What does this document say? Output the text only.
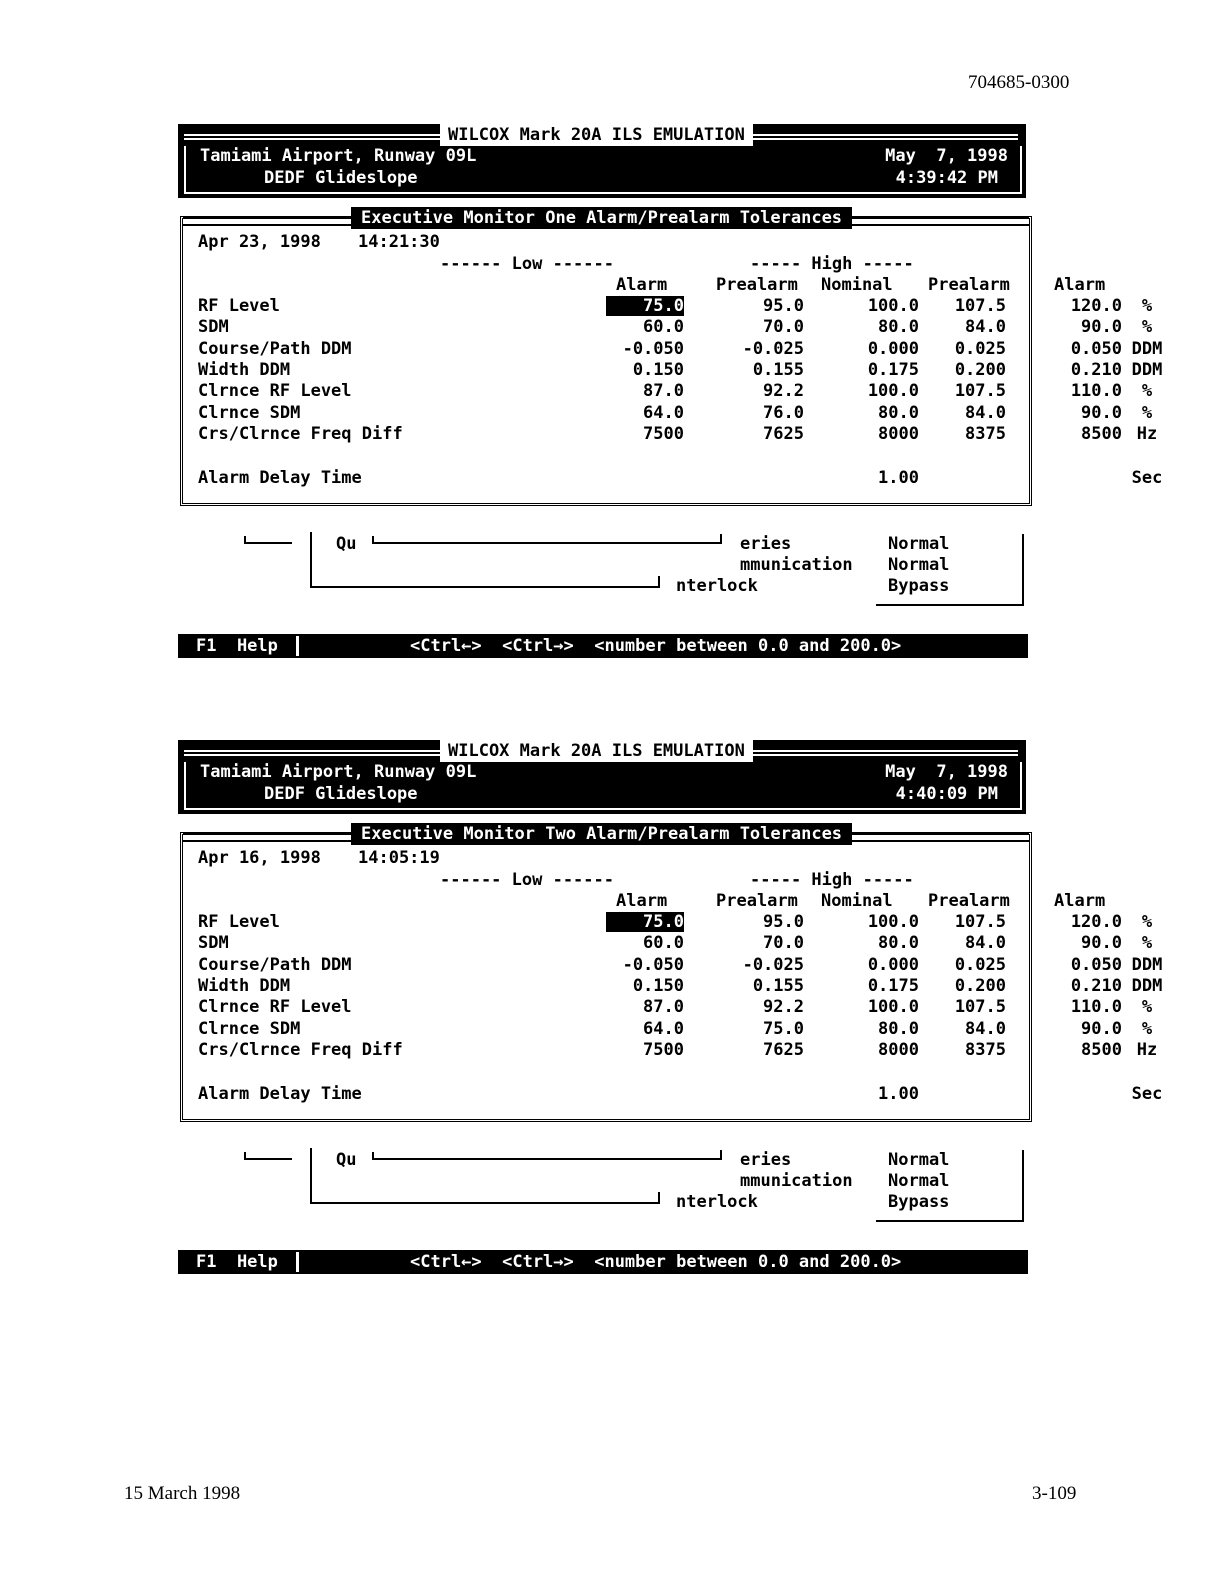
704685-0300
WILCOX Mark 20A ILS EMULATION
Tamiami Airport, Runway 09L
DEDF Glideslope
May  7, 1998
4:39:42 PM
Executive Monitor One Alarm/Prealarm Tolerances
Apr 23, 1998 14:21:30
------ Low ------	----- High -----
Alarm	Prealarm Nominal Prealarm	Alarm
RF Level	75.0	95.0	100.0	107.5	120.0	%
SDM	60.0	70.0	80.0	84.0	90.0	%
Course/Path DDM	-0.050	-0.025	0.000	0.025	0.050 DDM
Width DDM	0.150	0.155	0.175	0.200	0.210 DDM
Clrnce RF Level	87.0	92.2	100.0	107.5	110.0	%
Clrnce SDM	64.0	76.0	80.0	84.0	90.0	%
Crs/Clrnce Freq Diff	7500	7625	8000	8375	8500 Hz
Alarm Delay Time	1.00	Sec
Qu	eries	Normal
mmunication Normal
nterlock	Bypass
F1  Help	<Ctrl←>  <Ctrl→>  <number between 0.0 and 200.0>
WILCOX Mark 20A ILS EMULATION
Tamiami Airport, Runway 09L
DEDF Glideslope
May  7, 1998
4:40:09 PM
Executive Monitor Two Alarm/Prealarm Tolerances
Apr 16, 1998 14:05:19
------ Low ------	----- High -----
Alarm	Prealarm Nominal Prealarm	Alarm
RF Level	75.0	95.0	100.0	107.5	120.0	%
SDM	60.0	70.0	80.0	84.0	90.0	%
Course/Path DDM	-0.050	-0.025	0.000	0.025	0.050 DDM
Width DDM	0.150	0.155	0.175	0.200	0.210 DDM
Clrnce RF Level	87.0	92.2	100.0	107.5	110.0	%
Clrnce SDM	64.0	75.0	80.0	84.0	90.0	%
Crs/Clrnce Freq Diff	7500	7625	8000	8375	8500 Hz
Alarm Delay Time	1.00	Sec
Qu	eries	Normal
mmunication Normal
nterlock	Bypass
F1  Help	<Ctrl←>  <Ctrl→>  <number between 0.0 and 200.0>
15 March 1998	3-109
